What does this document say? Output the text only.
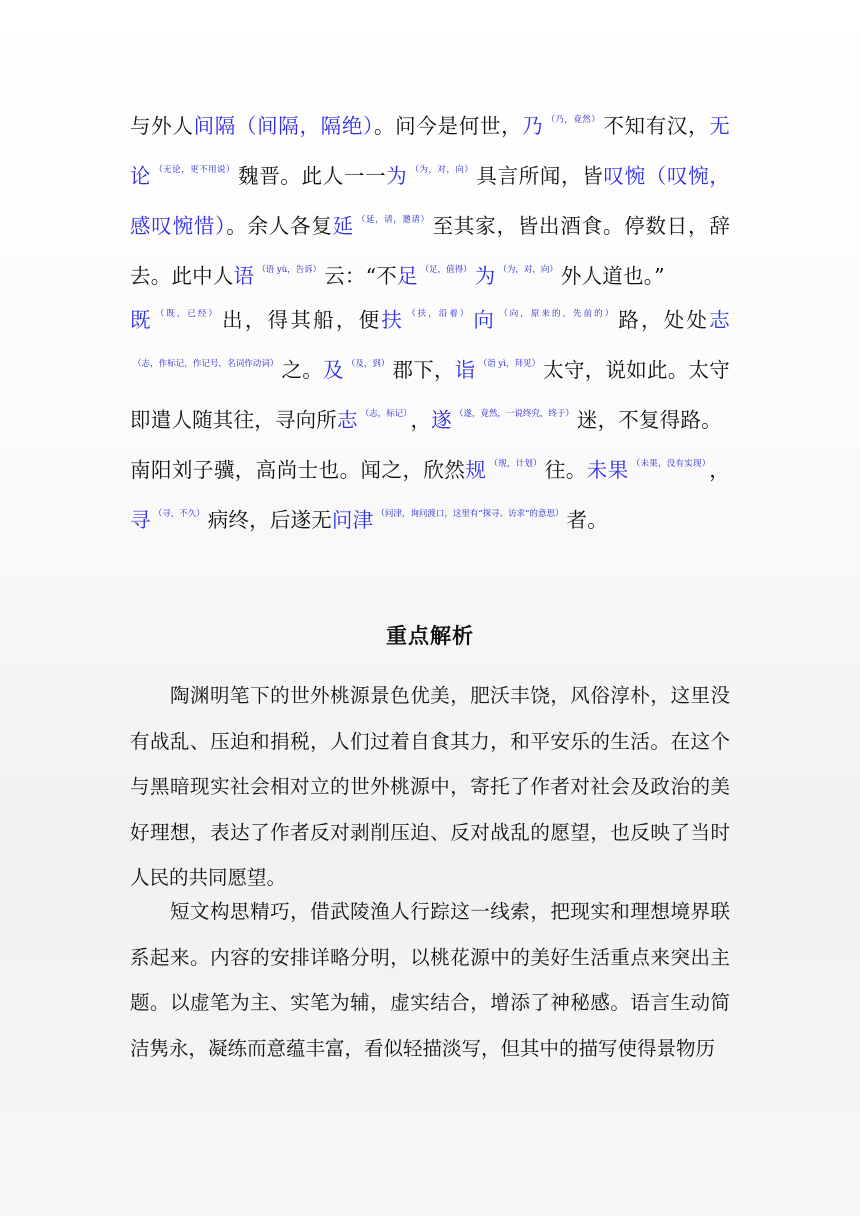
与外人间隔（间隔，隔绝）。问今是何世，乃 $^{(乃,竟然)}$ 不知有汉，无论 $^{(无论,更不用说)}$ 魏晋。此人一一为 $^{(为,对,向)}$ 具言所闻，皆叹惋（叹惋，感叹惋惜）。余人各复延 $^{(延,请,邀请)}$ 至其家，皆出酒食。停数日，辞去。此中人语 $^{(语 yù,告诉)}$ 云：“不足 $^{(足,值得)}$ 为 $^{(为,对,向)}$ 外人道也。”
既 $^{(既,已经)}$ 出，得其船，便扶 $^{(扶,沿着)}$ 向 $^{(向,原来的,先前的)}$ 路，处处志$^{(志,作标记,作记号,名词作动词)}$ 之。及 $^{(及,到)}$ 郡下，诣 $^{(诣 yì,拜见)}$ 太守，说如此。太守即遣人随其往，寻向所志 $^{(志,标记)}$ ，遂 $^{(遂,竟然,一说终究,终于)}$ 迷，不复得路。
南阳刘子骥，高尚士也。闻之，欣然规 $^{(规,计划)}$ 往。未果 $^{(未果,没有实现)}$ ，寻 $^{(寻,不久)}$ 病终，后遂无问津 $^{(问津,询问渡口,这里有“探寻、访求”的意思)}$ 者。
重点解析
陶渊明笔下的世外桃源景色优美，肥沃丰饶，风俗淳朴，这里没有战乱、压迫和捐税，人们过着自食其力，和平安乐的生活。在这个与黑暗现实社会相对立的世外桃源中，寄托了作者对社会及政治的美好理想，表达了作者反对剥削压迫、反对战乱的愿望，也反映了当时人民的共同愿望。
短文构思精巧，借武陵渔人行踪这一线索，把现实和理想境界联系起来。内容的安排详略分明，以桃花源中的美好生活重点来突出主题。以虚笔为主、实笔为辅，虚实结合，增添了神秘感。语言生动简洁隽永，凝练而意蕴丰富，看似轻描淡写，但其中的描写使得景物历
